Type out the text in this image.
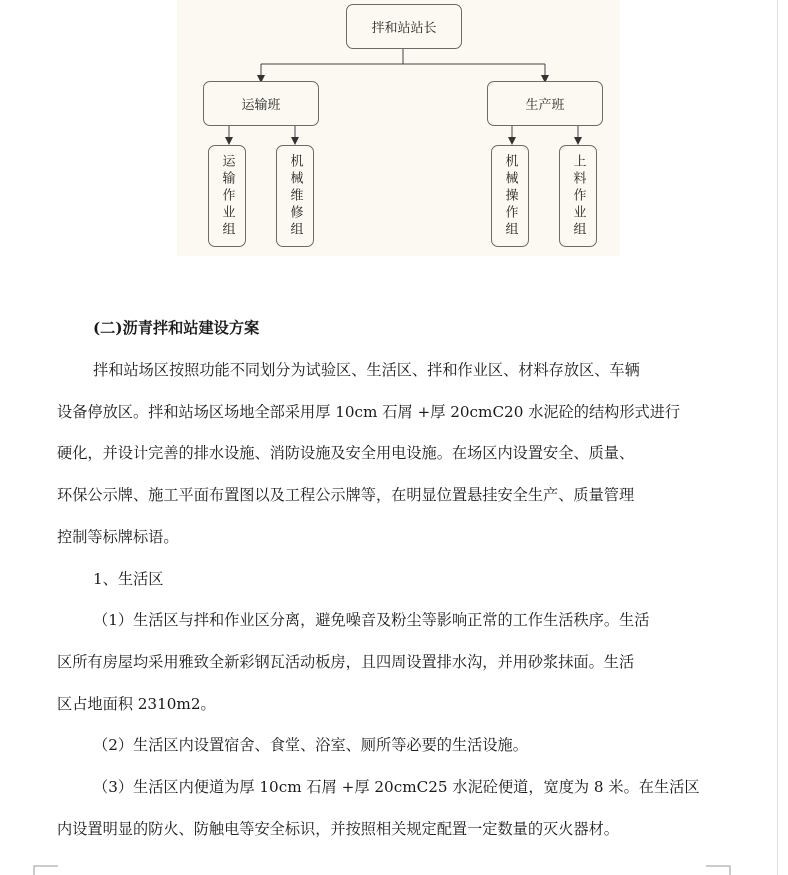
拌和站站长
运输班	生产班
运输作业组	机械维修组	机械操作组	上料作业组
(二)沥青拌和站建设方案
拌和站场区按照功能不同划分为试验区、生活区、拌和作业区、材料存放区、车辆
设备停放区。拌和站场区场地全部采用厚 10cm 石屑 +厚 20cmC20 水泥砼的结构形式进行
硬化，并设计完善的排水设施、消防设施及安全用电设施。在场区内设置安全、质量、
环保公示牌、施工平面布置图以及工程公示牌等，在明显位置悬挂安全生产、质量管理
控制等标牌标语。
1、生活区
（1）生活区与拌和作业区分离，避免噪音及粉尘等影响正常的工作生活秩序。生活
区所有房屋均采用雅致全新彩钢瓦活动板房，且四周设置排水沟，并用砂浆抹面。生活
区占地面积 2310m2。
（2）生活区内设置宿舍、食堂、浴室、厕所等必要的生活设施。
（3）生活区内便道为厚 10cm 石屑 +厚 20cmC25 水泥砼便道，宽度为 8 米。在生活区
内设置明显的防火、防触电等安全标识，并按照相关规定配置一定数量的灭火器材。
